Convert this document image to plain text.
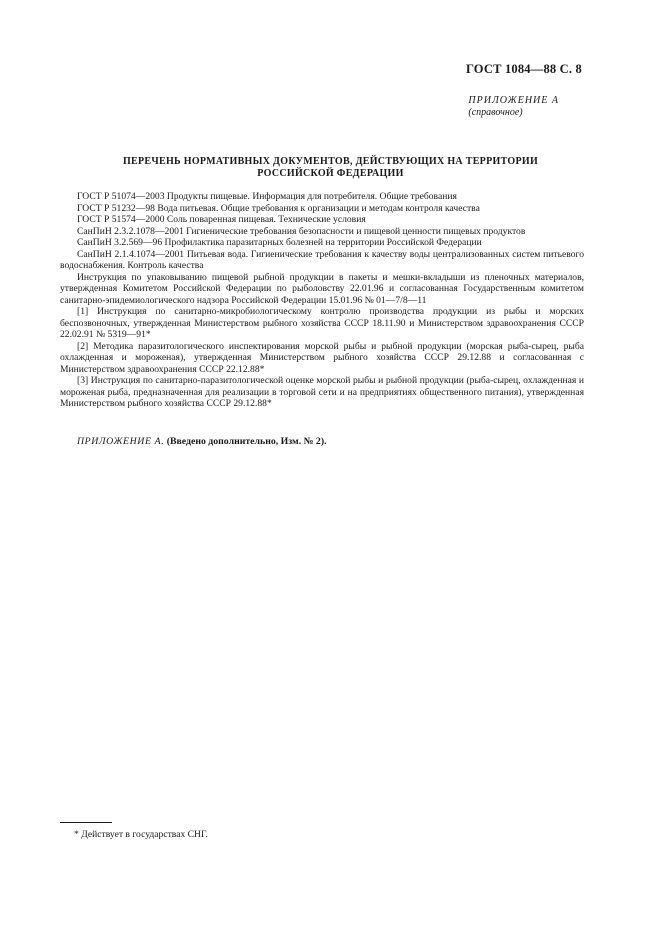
ГОСТ 1084—88 С. 8
ПРИЛОЖЕНИЕ А
(справочное)
ПЕРЕЧЕНЬ НОРМАТИВНЫХ ДОКУМЕНТОВ, ДЕЙСТВУЮЩИХ НА ТЕРРИТОРИИ
РОССИЙСКОЙ ФЕДЕРАЦИИ

ГОСТ Р 51074—2003 Продукты пищевые. Информация для потребителя. Общие требования

ГОСТ Р 51232—98 Вода питьевая. Общие требования к организации и методам контроля качества

ГОСТ Р 51574—2000 Соль поваренная пищевая. Технические условия

СанПиН 2.3.2.1078—2001 Гигиенические требования безопасности и пищевой ценности пищевых продуктов

СанПиН 3.2.569—96 Профилактика паразитарных болезней на территории Российской Федерации

СанПиН 2.1.4.1074—2001 Питьевая вода. Гигиенические требования к качеству воды централизованных систем питьевого водоснабжения. Контроль качества

Инструкция по упаковыванию пищевой рыбной продукции в пакеты и мешки-вкладыши из пленочных материалов, утвержденная Комитетом Российской Федерации по рыболовству 22.01.96 и согласованная Государственным комитетом санитарно-эпидемиологического надзора Российской Федерации 15.01.96 № 01—7/8—11

[1] Инструкция по санитарно-микробиологическому контролю производства продукции из рыбы и морских беспозвоночных, утвержденная Министерством рыбного хозяйства СССР 18.11.90 и Министерством здравоохранения СССР 22.02.91 № 5319—91*

[2] Методика паразитологического инспектирования морской рыбы и рыбной продукции (морская рыба-сырец, рыба охлажденная и мороженая), утвержденная Министерством рыбного хозяйства СССР 29.12.88 и согласованная с Министерством здравоохранения СССР 22.12.88*

[3] Инструкция по санитарно-паразитологической оценке морской рыбы и рыбной продукции (рыба-сырец, охлажденная и мороженая рыба, предназначенная для реализации в торговой сети и на предприятиях общественного питания), утвержденная Министерством рыбного хозяйства СССР 29.12.88*

ПРИЛОЖЕНИЕ А. (Введено дополнительно, Изм. № 2).
* Действует в государствах СНГ.
